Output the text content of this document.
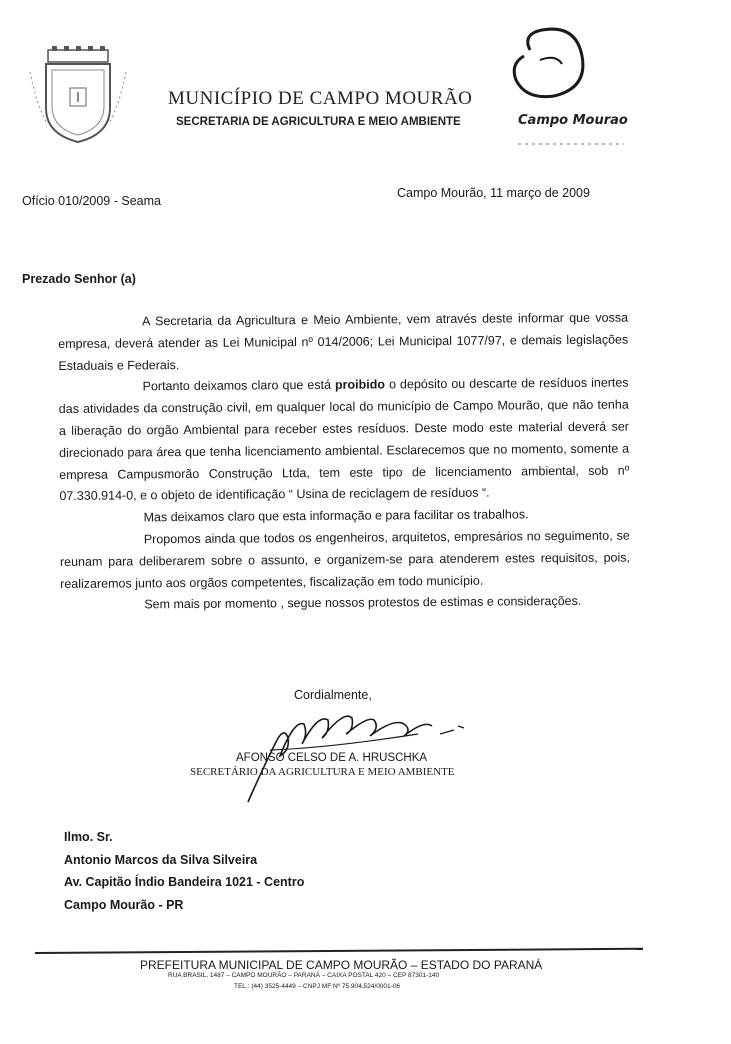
MUNICÍPIO DE CAMPO MOURÃO
SECRETARIA DE AGRICULTURA E MEIO AMBIENTE	Campo Mourao
Ofício 010/2009 - Seama
Campo Mourão, 11 março de 2009
Prezado Senhor (a)

A Secretaria da Agricultura e Meio Ambiente, vem através deste informar que vossa empresa, deverá atender as Lei Municipal nº 014/2006; Lei Municipal 1077/97, e demais legislações Estaduais e Federais.

Portanto deixamos claro que está proibido o depósito ou descarte de resíduos inertes das atividades da construção civil, em qualquer local do município de Campo Mourão, que não tenha a liberação do orgão Ambiental para receber estes resíduos. Deste modo este material deverá ser direcionado para área que tenha licenciamento ambiental. Esclarecemos que no momento, somente a empresa Campusmorão Construção Ltda, tem este tipo de licenciamento ambiental, sob nº 07.330.914-0, e o objeto de identificação “ Usina de reciclagem de resíduos “.

Mas deixamos claro que esta informação e para facilitar os trabalhos.

Propomos ainda que todos os engenheiros, arquitetos, empresários no seguimento, se reunam para deliberarem sobre o assunto, e organizem-se para atenderem estes requisitos, pois, realizaremos junto aos orgãos competentes, fiscalização em todo município.

Sem mais por momento , segue nossos protestos de estimas e considerações.

Cordialmente,
AFONSO CELSO DE A. HRUSCHKA
SECRETÁRIO DA AGRICULTURA E MEIO AMBIENTE
Ilmo. Sr.
Antonio Marcos da Silva Silveira
Av. Capitão Índio Bandeira 1021 - Centro
Campo Mourão - PR
PREFEITURA MUNICIPAL DE CAMPO MOURÃO – ESTADO DO PARANÁ
RUA BRASIL, 1487 – CAMPO MOURÃO – PARANÁ – CAIXA POSTAL 420 – CEP 87301-140
TEL.: (44) 3525-4449 – CNPJ MF Nº 75.904.524/0001-06
